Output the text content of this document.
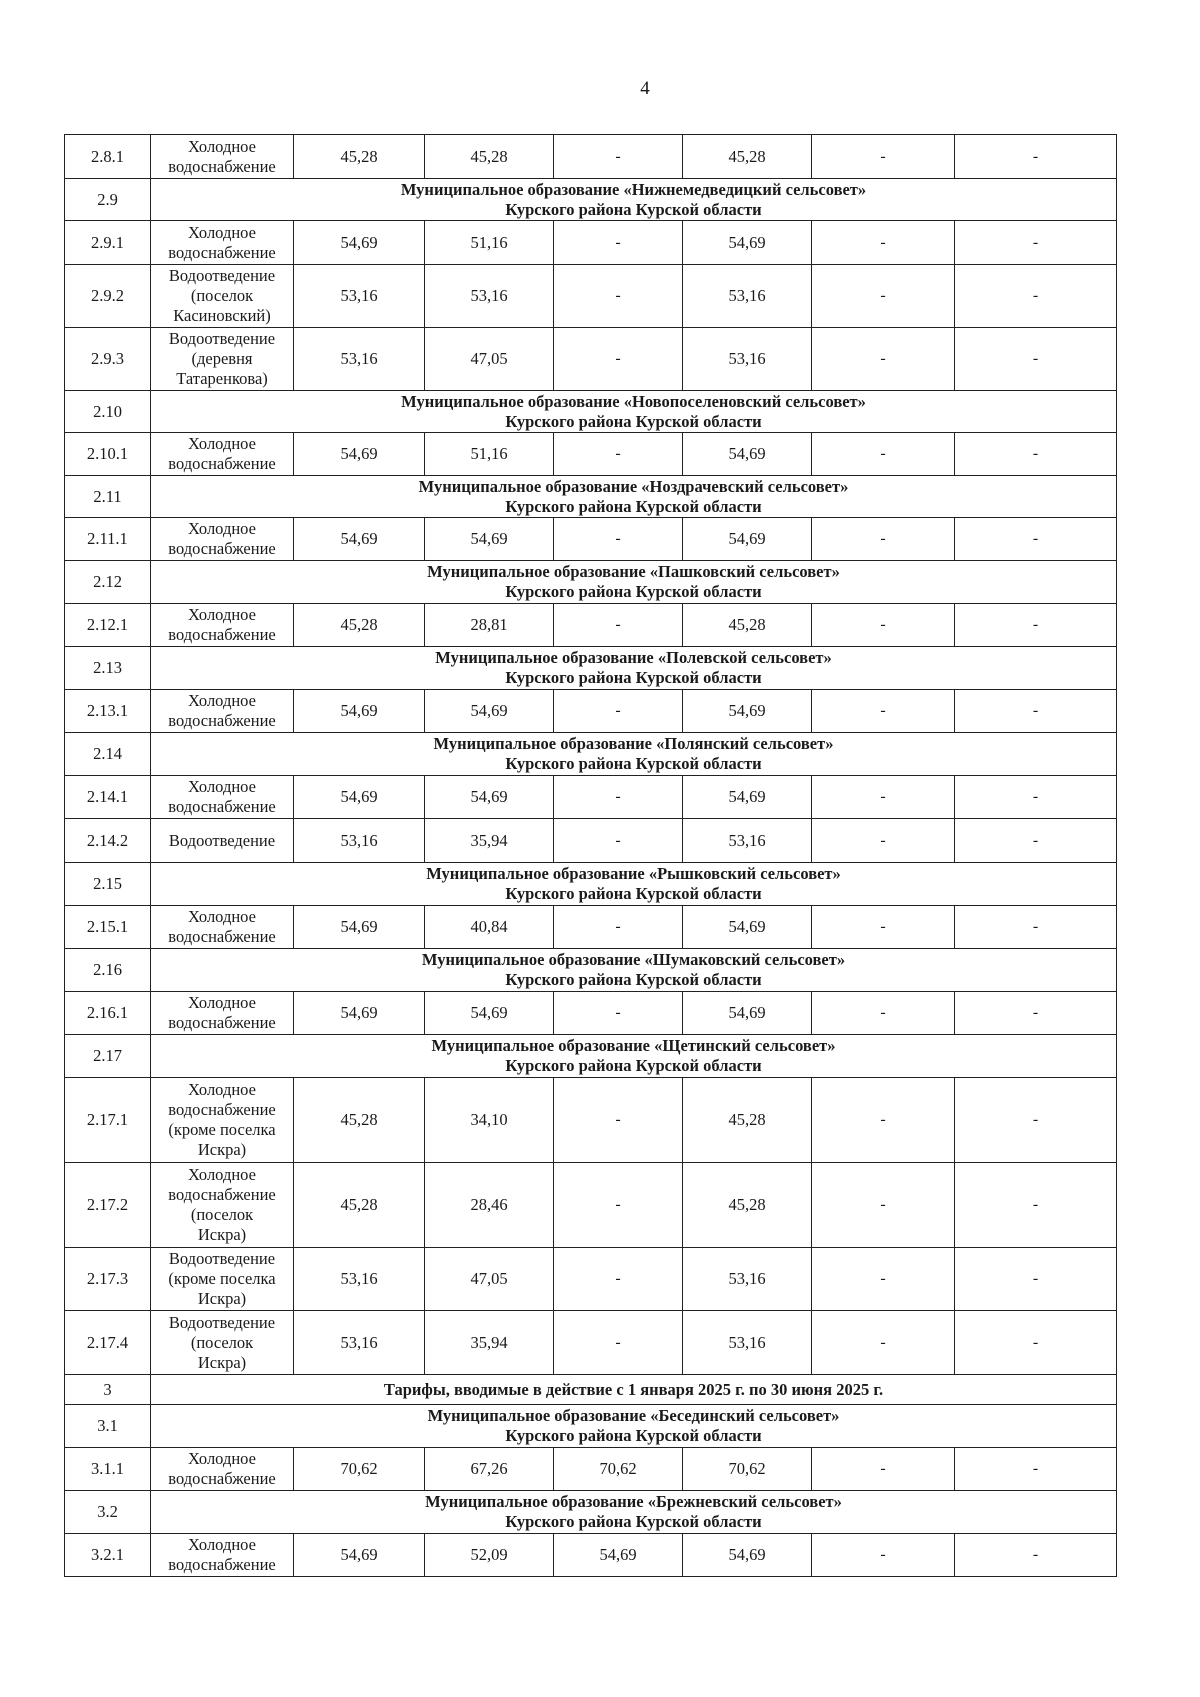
4
2.8.1	Холодное
водоснабжение	45,28	45,28	-	45,28	-	-
2.9	Муниципальное образование «Нижнемедведицкий сельсовет»
Курского района Курской области						
2.9.1	Холодное
водоснабжение	54,69	51,16	-	54,69	-	-
2.9.2	Водоотведение
(поселок
Касиновский)	53,16	53,16	-	53,16	-	-
2.9.3	Водоотведение
(деревня
Татаренкова)	53,16	47,05	-	53,16	-	-
2.10	Муниципальное образование «Новопоселеновский сельсовет»
Курского района Курской области						
2.10.1	Холодное
водоснабжение	54,69	51,16	-	54,69	-	-
2.11	Муниципальное образование «Ноздрачевский сельсовет»
Курского района Курской области						
2.11.1	Холодное
водоснабжение	54,69	54,69	-	54,69	-	-
2.12	Муниципальное образование «Пашковский сельсовет»
Курского района Курской области						
2.12.1	Холодное
водоснабжение	45,28	28,81	-	45,28	-	-
2.13	Муниципальное образование «Полевской сельсовет»
Курского района Курской области						
2.13.1	Холодное
водоснабжение	54,69	54,69	-	54,69	-	-
2.14	Муниципальное образование «Полянский сельсовет»
Курского района Курской области						
2.14.1	Холодное
водоснабжение	54,69	54,69	-	54,69	-	-
2.14.2	Водоотведение	53,16	35,94	-	53,16	-	-
2.15	Муниципальное образование «Рышковский сельсовет»
Курского района Курской области						
2.15.1	Холодное
водоснабжение	54,69	40,84	-	54,69	-	-
2.16	Муниципальное образование «Шумаковский сельсовет»
Курского района Курской области						
2.16.1	Холодное
водоснабжение	54,69	54,69	-	54,69	-	-
2.17	Муниципальное образование «Щетинский сельсовет»
Курского района Курской области						
2.17.1	Холодное
водоснабжение
(кроме поселка
Искра)	45,28	34,10	-	45,28	-	-
2.17.2	Холодное
водоснабжение
(поселок
Искра)	45,28	28,46	-	45,28	-	-
2.17.3	Водоотведение
(кроме поселка
Искра)	53,16	47,05	-	53,16	-	-
2.17.4	Водоотведение
(поселок
Искра)	53,16	35,94	-	53,16	-	-
3	Тарифы, вводимые в действие с 1 января 2025 г. по 30 июня 2025 г.						
3.1	Муниципальное образование «Бесединский сельсовет»
Курского района Курской области						
3.1.1	Холодное
водоснабжение	70,62	67,26	70,62	70,62	-	-
3.2	Муниципальное образование «Брежневский сельсовет»
Курского района Курской области						
3.2.1	Холодное
водоснабжение	54,69	52,09	54,69	54,69	-	-
